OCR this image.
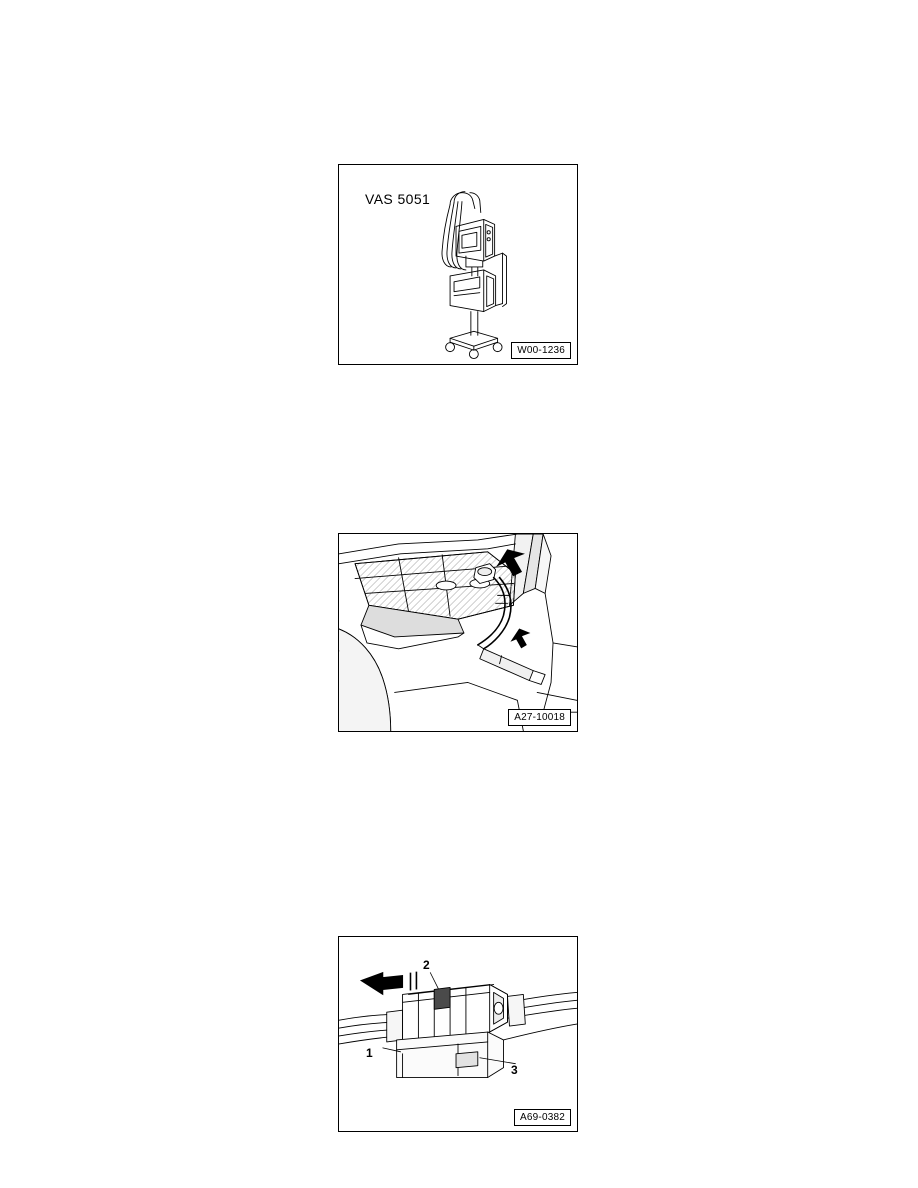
VAS 5051
W00-1236
A27-10018
1
2
3
A69-0382
